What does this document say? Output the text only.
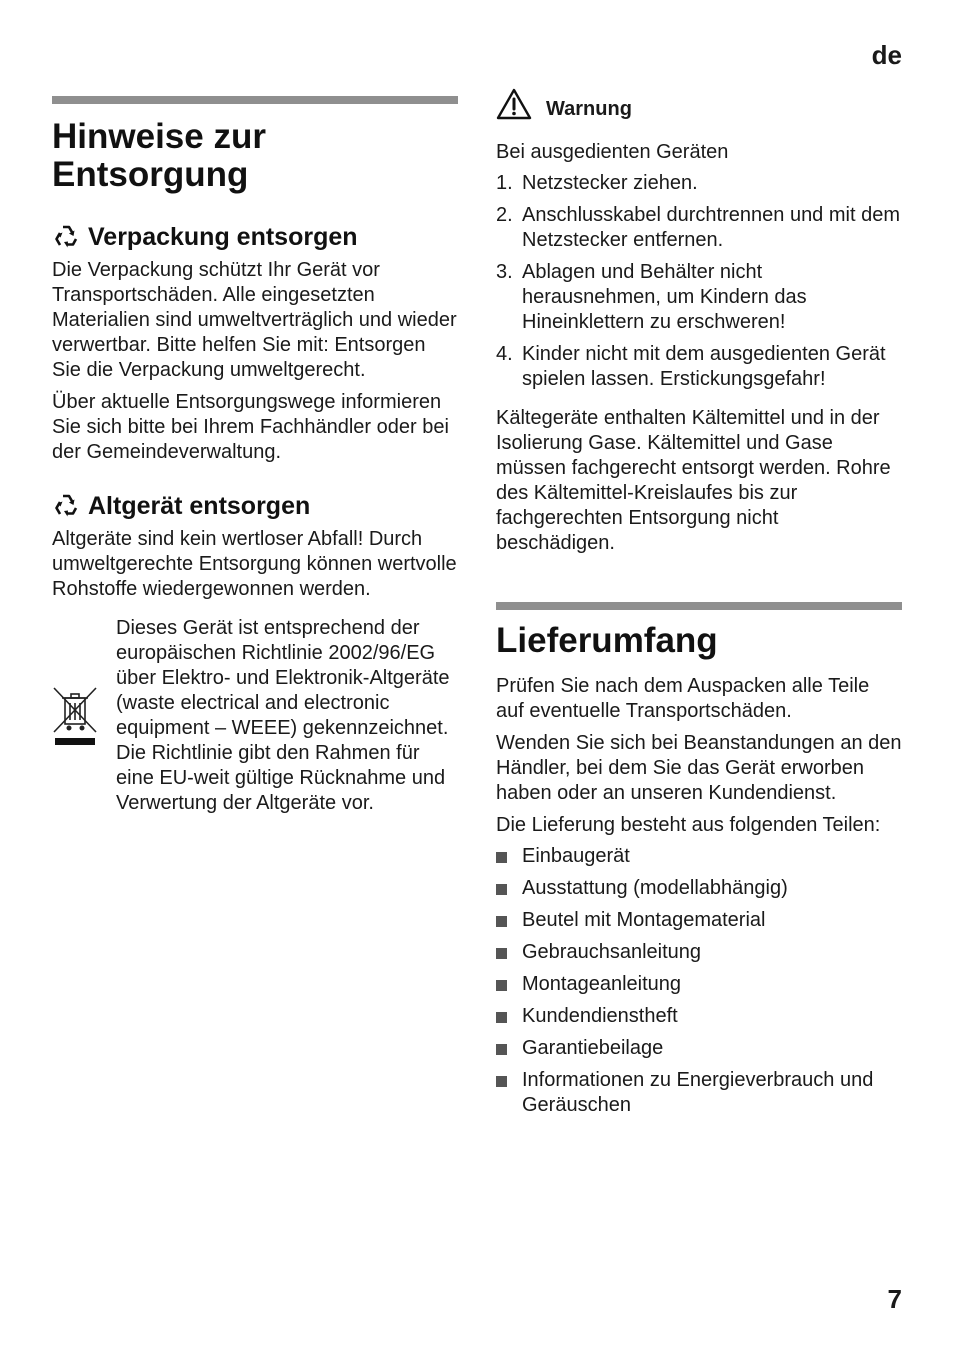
de
Hinweise zur Entsorgung
Verpackung entsorgen

Die Verpackung schützt Ihr Gerät vor Transportschäden. Alle eingesetzten Materialien sind umweltverträglich und wieder verwertbar. Bitte helfen Sie mit: Entsorgen Sie die Verpackung umweltgerecht.

Über aktuelle Entsorgungswege informieren Sie sich bitte bei Ihrem Fachhändler oder bei der Gemeindeverwaltung.

Altgerät entsorgen

Altgeräte sind kein wertloser Abfall! Durch umweltgerechte Entsorgung können wertvolle Rohstoffe wiedergewonnen werden.

Dieses Gerät ist entsprechend der europäischen Richtlinie 2002/96/EG über Elektro- und Elektronik-Altgeräte (waste electrical and electronic equipment – WEEE) gekennzeichnet. Die Richtlinie gibt den Rahmen für eine EU-weit gültige Rücknahme und Verwertung der Altgeräte vor.

Warnung

Bei ausgedienten Geräten

1. Netzstecker ziehen.
2. Anschlusskabel durchtrennen und mit dem Netzstecker entfernen.
3. Ablagen und Behälter nicht herausnehmen, um Kindern das Hineinklettern zu erschweren!
4. Kinder nicht mit dem ausgedienten Gerät spielen lassen. Erstickungsgefahr!

Kältegeräte enthalten Kältemittel und in der Isolierung Gase. Kältemittel und Gase müssen fachgerecht entsorgt werden. Rohre des Kältemittel-Kreislaufes bis zur fachgerechten Entsorgung nicht beschädigen.

Lieferumfang

Prüfen Sie nach dem Auspacken alle Teile auf eventuelle Transportschäden.

Wenden Sie sich bei Beanstandungen an den Händler, bei dem Sie das Gerät erworben haben oder an unseren Kundendienst.

Die Lieferung besteht aus folgenden Teilen:

Einbaugerät
Ausstattung (modellabhängig)
Beutel mit Montagematerial
Gebrauchsanleitung
Montageanleitung
Kundendienstheft
Garantiebeilage
Informationen zu Energieverbrauch und Geräuschen
7
